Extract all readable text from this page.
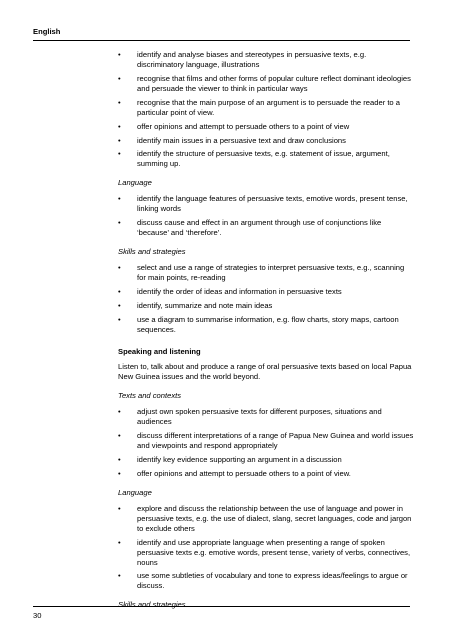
English
• identify and analyse biases and stereotypes in persuasive texts, e.g. discriminatory language, illustrations
• recognise that films and other forms of popular culture reflect dominant ideologies and persuade the viewer to think in particular ways
• recognise that the main purpose of an argument is to persuade the reader to a particular point of view.
• offer opinions and attempt to persuade others to a point of view
• identify main issues in a persuasive text and draw conclusions
• identify the structure of persuasive texts, e.g. statement of issue, argument, summing up.
Language
• identify the language features of persuasive texts, emotive words, present tense, linking words
• discuss cause and effect in an argument through use of conjunctions like ‘because’ and ‘therefore’.
Skills and strategies
• select and use a range of strategies to interpret persuasive texts, e.g., scanning for main points, re-reading
• identify the order of ideas and information in persuasive texts
• identify, summarize and note main ideas
• use a diagram to summarise information, e.g. flow charts, story maps, cartoon sequences.
Speaking and listening
Listen to, talk about and produce a range of oral persuasive texts based on local Papua New Guinea issues and the world beyond.
Texts and contexts
• adjust own spoken persuasive texts for different purposes, situations and audiences
• discuss different interpretations of a range of Papua New Guinea and world issues and viewpoints and respond appropriately
• identify key evidence supporting an argument in a discussion
• offer opinions and attempt to persuade others to a point of view.
Language
• explore and discuss the relationship between the use of language and power in persuasive texts, e.g. the use of dialect, slang, secret languages, code and jargon to exclude others
• identify and use appropriate language when presenting a range of spoken persuasive texts e.g. emotive words, present tense, variety of verbs, connectives, nouns
• use some subtleties of vocabulary and tone to express ideas/feelings to argue or discuss.
Skills and strategies
30
